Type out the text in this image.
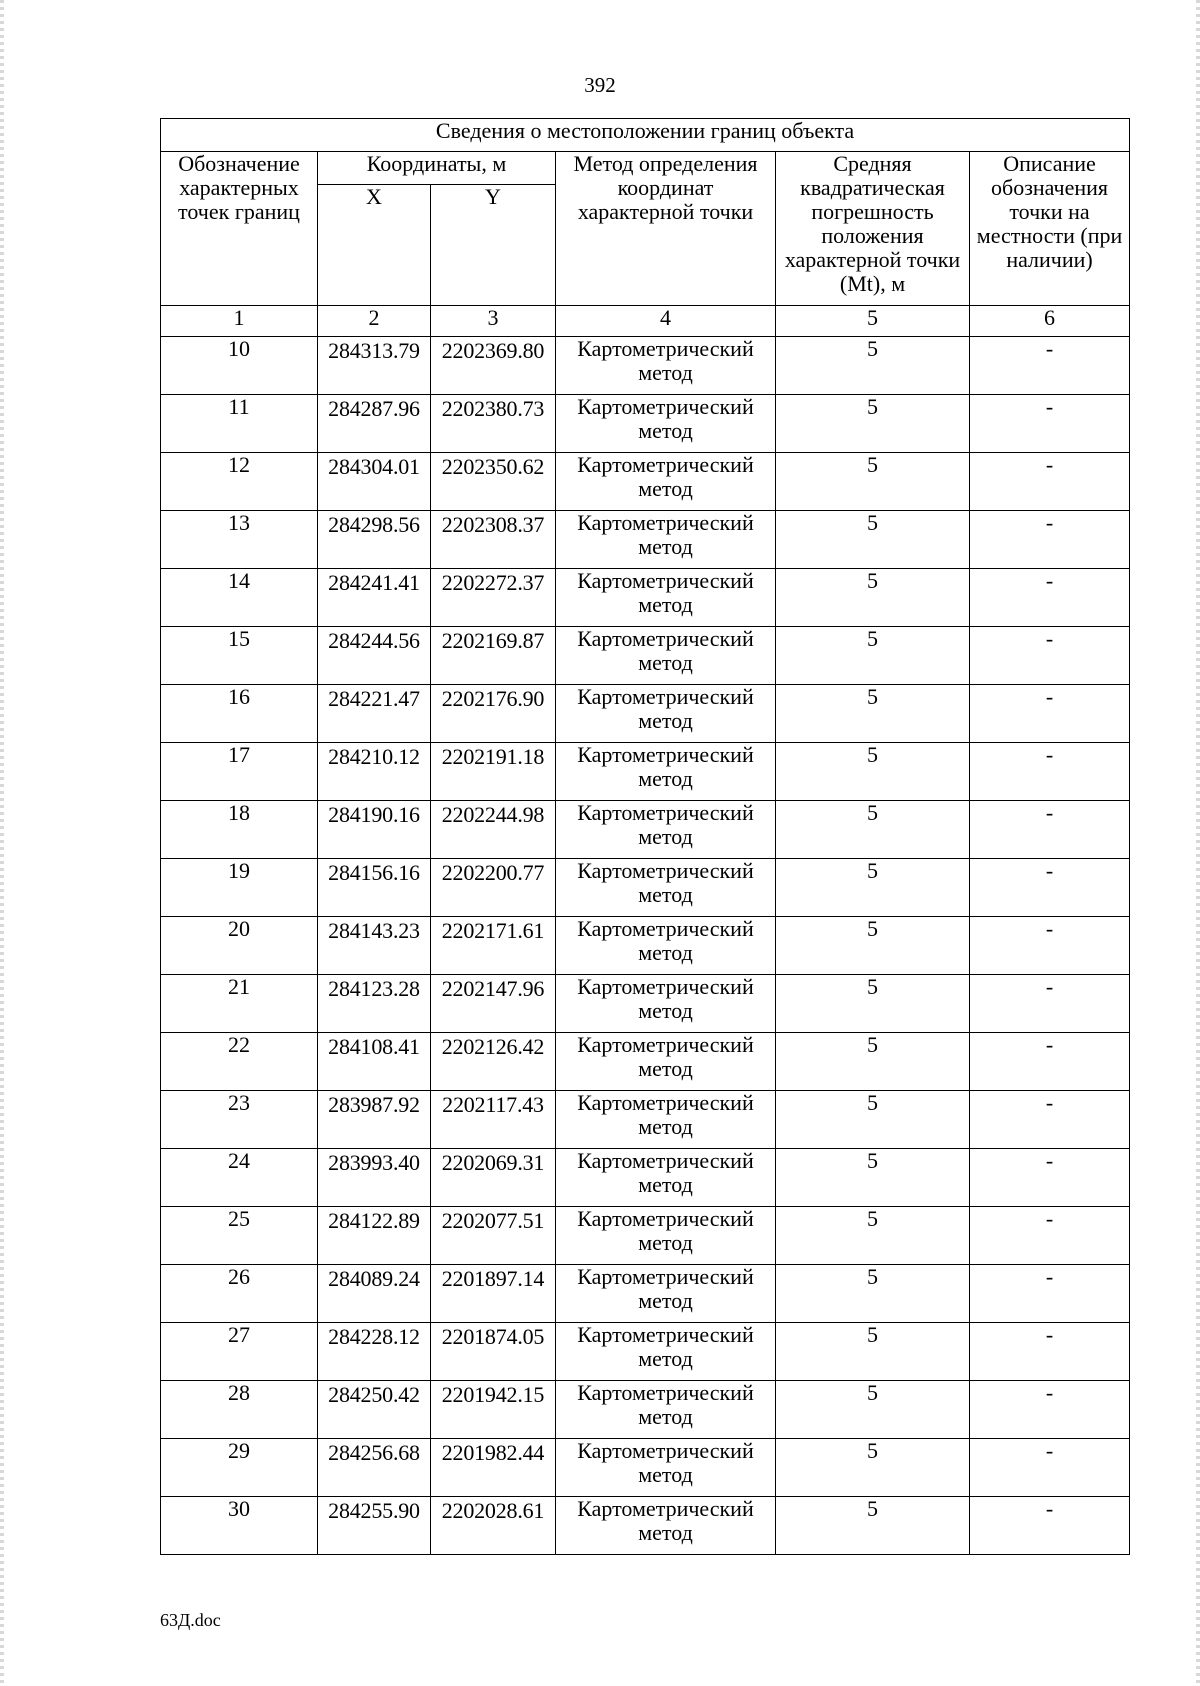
392
Сведения о местоположении границ объекта					
Обозначение характерных точек границ	Координаты, м		Метод определения координат характерной точки	Средняя квадратическая погрешность положения характерной точки (Mt), м	Описание обозначения точки на местности (при наличии)
	X	Y			
1	2	3	4	5	6
10	284313.79	2202369.80	Картометрический метод	5	-
11	284287.96	2202380.73	Картометрический метод	5	-
12	284304.01	2202350.62	Картометрический метод	5	-
13	284298.56	2202308.37	Картометрический метод	5	-
14	284241.41	2202272.37	Картометрический метод	5	-
15	284244.56	2202169.87	Картометрический метод	5	-
16	284221.47	2202176.90	Картометрический метод	5	-
17	284210.12	2202191.18	Картометрический метод	5	-
18	284190.16	2202244.98	Картометрический метод	5	-
19	284156.16	2202200.77	Картометрический метод	5	-
20	284143.23	2202171.61	Картометрический метод	5	-
21	284123.28	2202147.96	Картометрический метод	5	-
22	284108.41	2202126.42	Картометрический метод	5	-
23	283987.92	2202117.43	Картометрический метод	5	-
24	283993.40	2202069.31	Картометрический метод	5	-
25	284122.89	2202077.51	Картометрический метод	5	-
26	284089.24	2201897.14	Картометрический метод	5	-
27	284228.12	2201874.05	Картометрический метод	5	-
28	284250.42	2201942.15	Картометрический метод	5	-
29	284256.68	2201982.44	Картометрический метод	5	-
30	284255.90	2202028.61	Картометрический метод	5	-
63Д.doc
